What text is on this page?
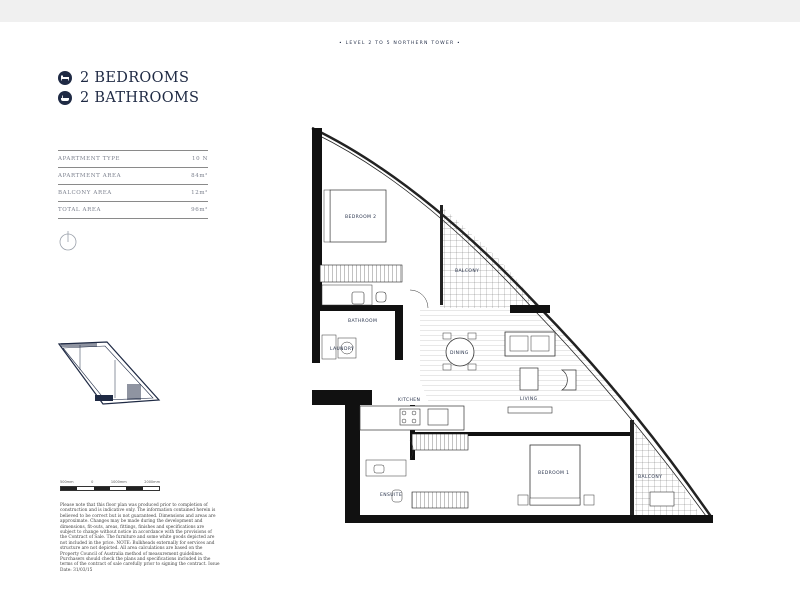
• LEVEL 2 TO 5 NORTHERN TOWER •
2 BEDROOMS
2 BATHROOMS
APARTMENT TYPE	10 N
APARTMENT AREA	84m²
BALCONY AREA	12m²
TOTAL AREA	96m²
500mm	0	1000mm	2000mm
Please note that this floor plan was produced prior to completion of construction and is indicative only. The information contained herein is believed to be correct but is not guaranteed. Dimensions and areas are approximate. Changes may be made during the development and dimensions, fit-outs, areas, fittings, finishes and specifications are subject to change without notice in accordance with the provisions of the Contract of Sale. The furniture and some white goods depicted are not included in the price. NOTE: Bulkheads externally for services and structure are not depicted. All area calculations are based on the Property Council of Australia method of measurement guidelines. Purchasers should check the plans and specifications included in the terms of the contract of sale carefully prior to signing the contract. Issue Date: 31/03/15
BEDROOM 2
BALCONY
BATHROOM
LAUNDRY
DINING
KITCHEN	LIVING
BEDROOM 1
ENSUITE
BALCONY
